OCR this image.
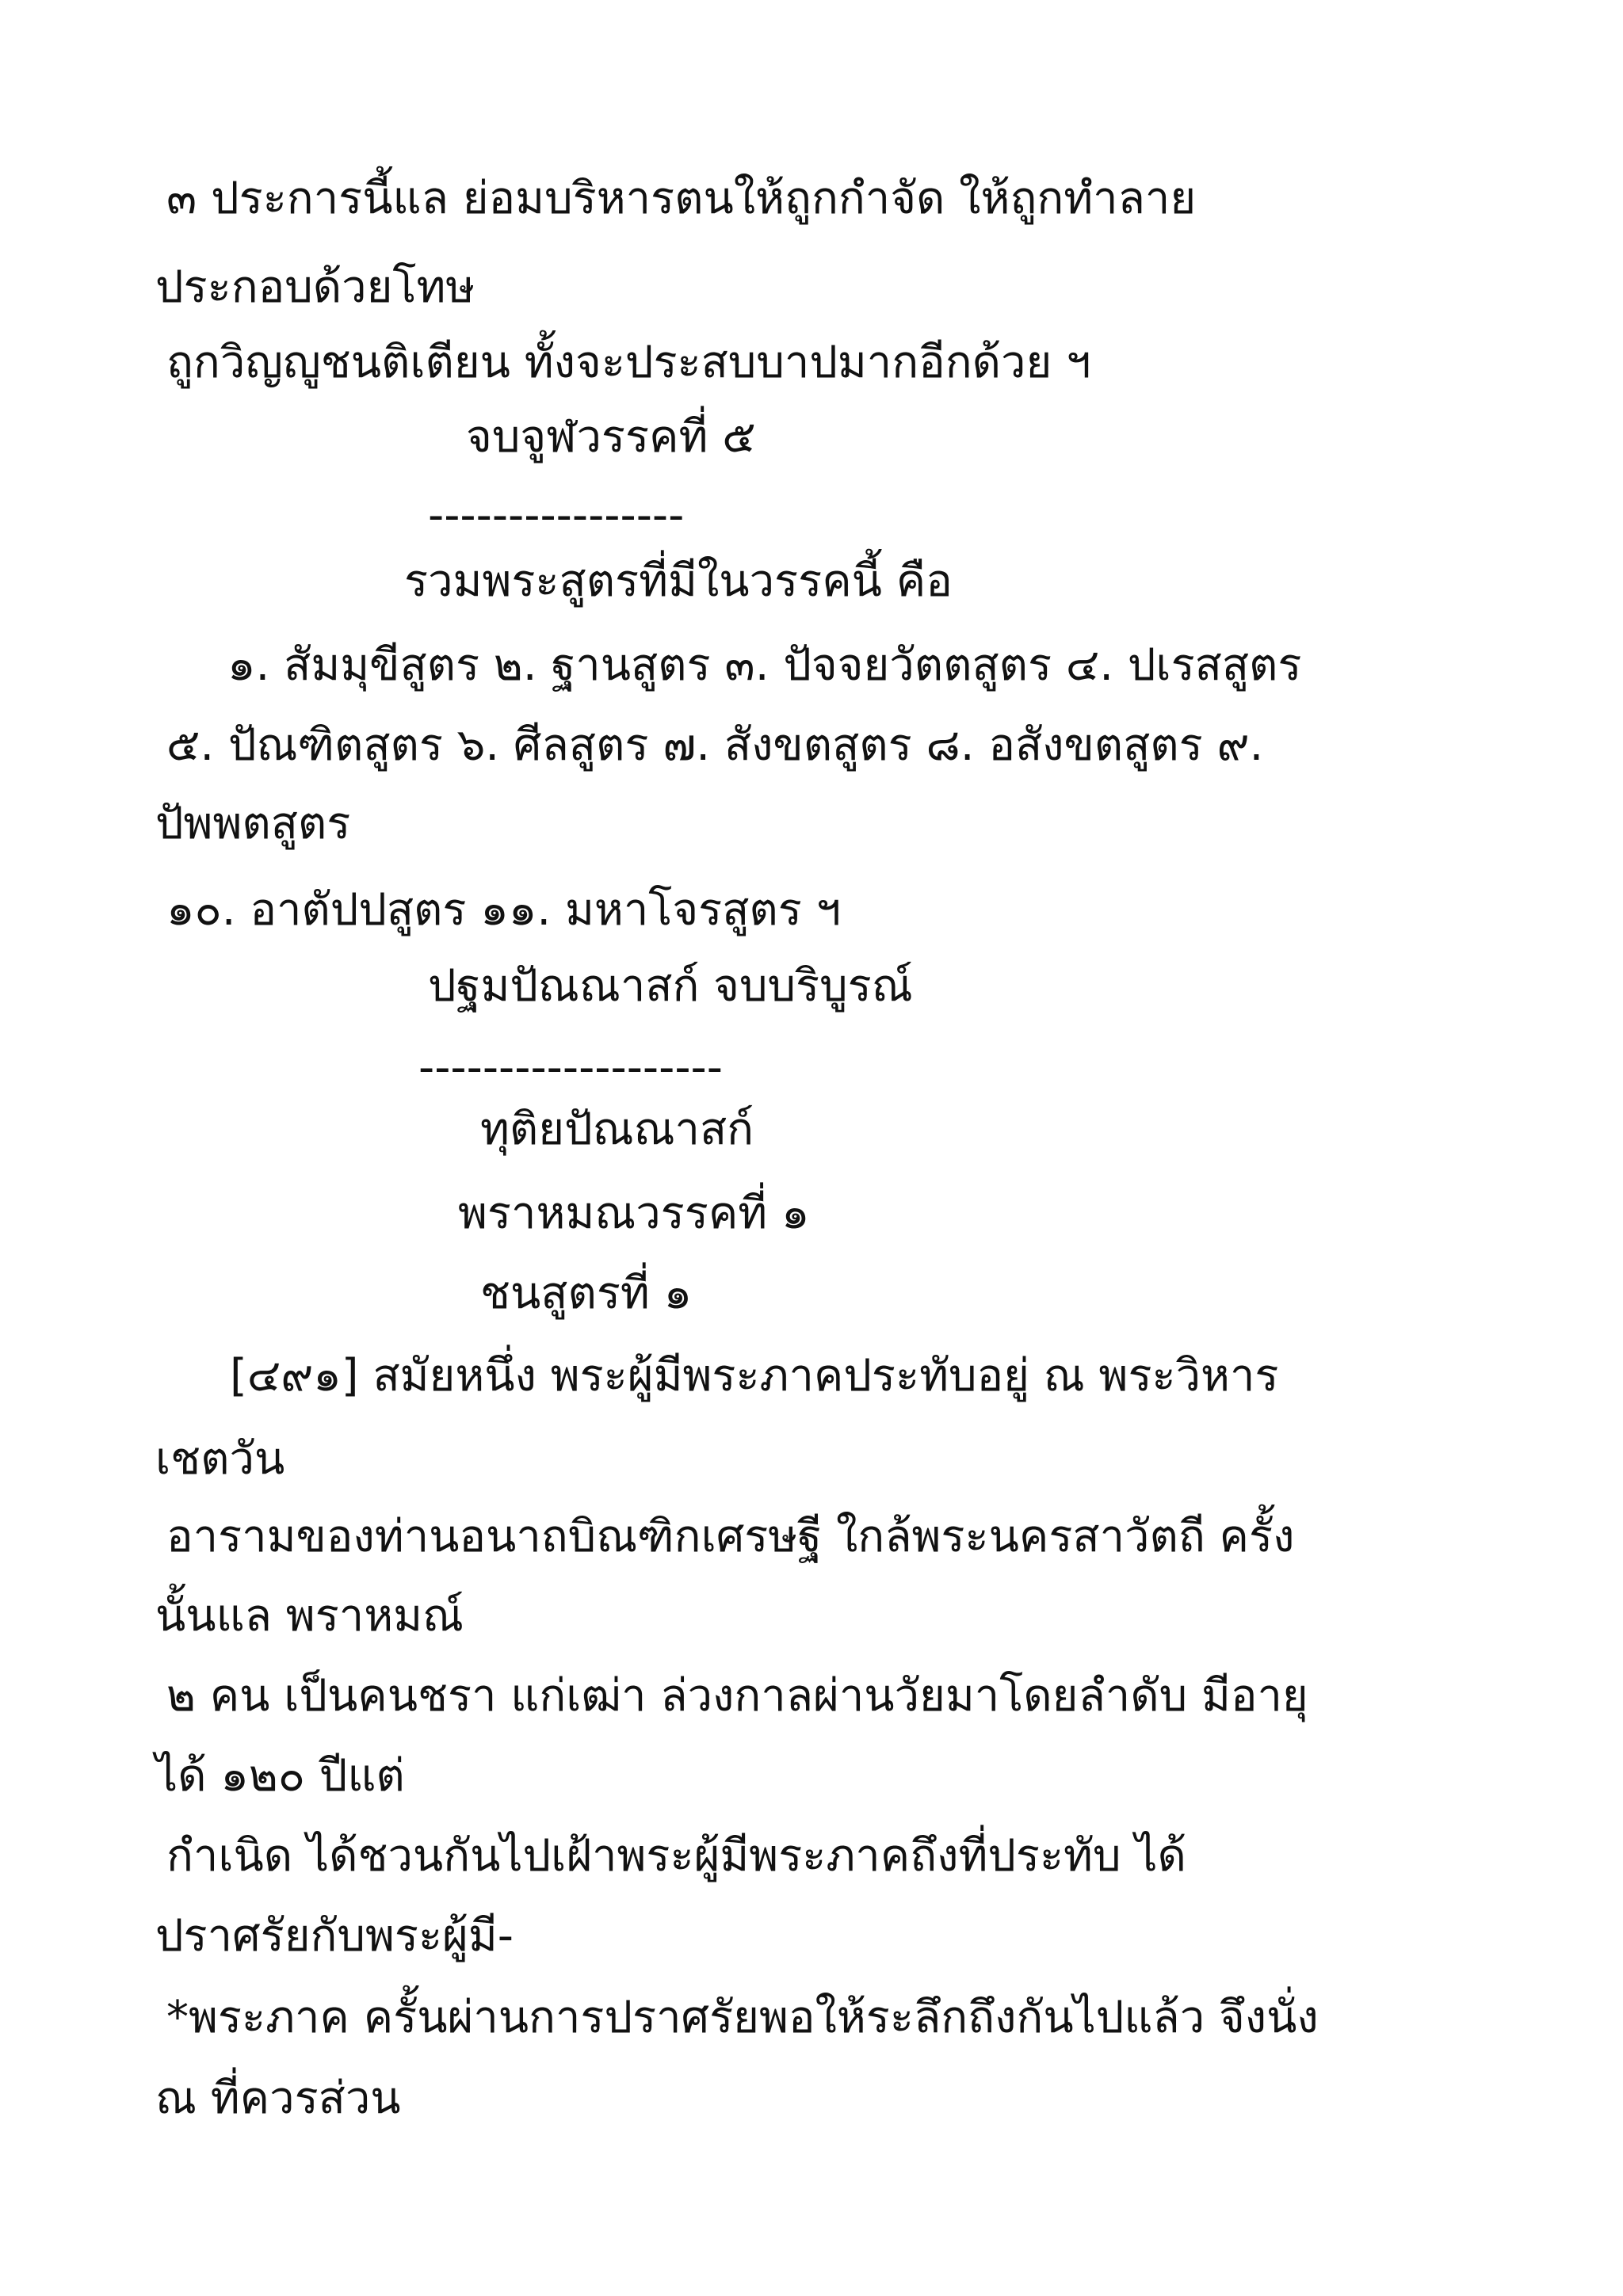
๓ ประการนี้แล ย่อมบริหารตนให้ถูกกำจัด ให้ถูกทำลาย
ประกอบด้วยโทษ
ถูกวิญญูชนติเตียน ทั้งจะประสบบาปมากอีกด้วย ฯ
จบจูฬวรรคที่ ๕
----------------
รวมพระสูตรที่มีในวรรคนี้ คือ
๑. สัมมุขีสูตร ๒. ฐานสูตร ๓. ปัจจยวัตตสูตร ๔. ปเรสสูตร
๕. ปัณฑิตสูตร ๖. ศีลสูตร ๗. สังขตสูตร ๘. อสังขตสูตร ๙.
ปัพพตสูตร
๑๐. อาตัปปสูตร ๑๑. มหาโจรสูตร ฯ
ปฐมปัณณาสก์ จบบริบูรณ์
-------------------
ทุติยปัณณาสก์
พราหมณวรรคที่ ๑
ชนสูตรที่ ๑
[๔๙๑] สมัยหนึ่ง พระผู้มีพระภาคประทับอยู่ ณ พระวิหาร
เชตวัน
อารามของท่านอนาถบิณฑิกเศรษฐี ใกล้พระนครสาวัตถี ครั้ง
นั้นแล พราหมณ์
๒ คน เป็นคนชรา แก่เฒ่า ล่วงกาลผ่านวัยมาโดยลำดับ มีอายุ
ได้ ๑๒๐ ปีแต่
กำเนิด ได้ชวนกันไปเฝ้าพระผู้มีพระภาคถึงที่ประทับ ได้
ปราศรัยกับพระผู้มี-
*พระภาค ครั้นผ่านการปราศรัยพอให้ระลึกถึงกันไปแล้ว จึงนั่ง
ณ ที่ควรส่วน
